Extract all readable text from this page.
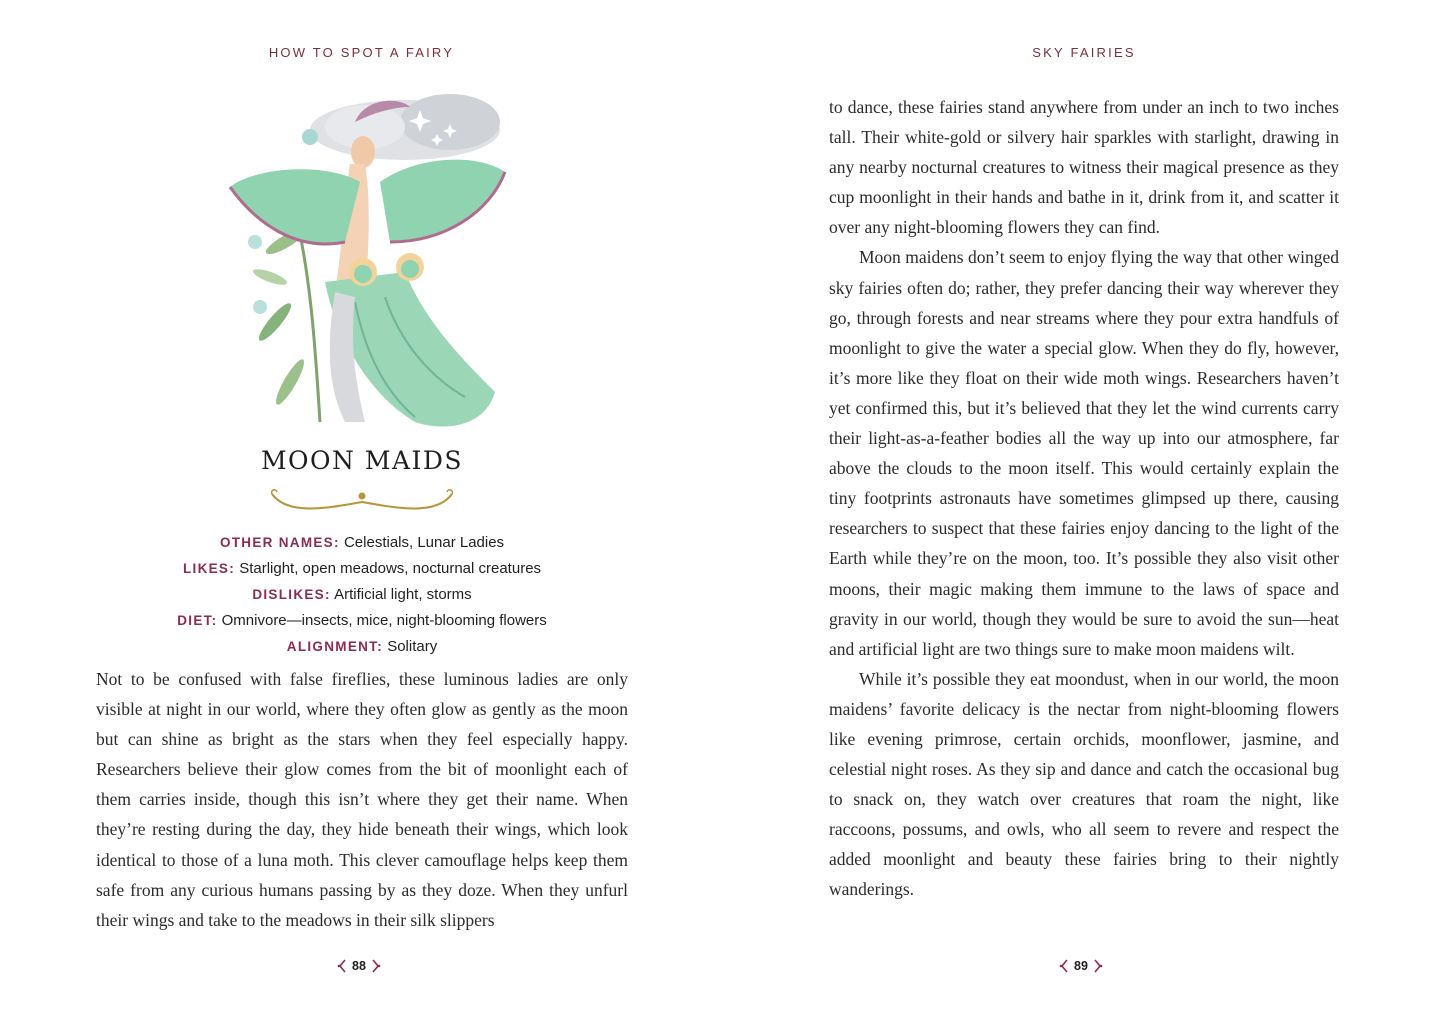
HOW TO SPOT A FAIRY
MOON MAIDS
OTHER NAMES: Celestials, Lunar Ladies
LIKES: Starlight, open meadows, nocturnal creatures
DISLIKES: Artificial light, storms
DIET: Omnivore—insects, mice, night-blooming flowers
ALIGNMENT: Solitary

Not to be confused with false fireflies, these luminous ladies are only visible at night in our world, where they often glow as gently as the moon but can shine as bright as the stars when they feel especially happy. Researchers believe their glow comes from the bit of moonlight each of them carries inside, though this isn’t where they get their name. When they’re resting during the day, they hide beneath their wings, which look identical to those of a luna moth. This clever camouflage helps keep them safe from any curious humans passing by as they doze. When they unfurl their wings and take to the meadows in their silk slippers

88
SKY FAIRIES

to dance, these fairies stand anywhere from under an inch to two inches tall. Their white-gold or silvery hair sparkles with starlight, drawing in any nearby nocturnal creatures to witness their magical presence as they cup moonlight in their hands and bathe in it, drink from it, and scatter it over any night-blooming flowers they can find.

Moon maidens don’t seem to enjoy flying the way that other winged sky fairies often do; rather, they prefer dancing their way wherever they go, through forests and near streams where they pour extra handfuls of moonlight to give the water a special glow. When they do fly, however, it’s more like they float on their wide moth wings. Researchers haven’t yet confirmed this, but it’s believed that they let the wind currents carry their light-as-a-feather bodies all the way up into our atmosphere, far above the clouds to the moon itself. This would certainly explain the tiny footprints astronauts have sometimes glimpsed up there, causing researchers to suspect that these fairies enjoy dancing to the light of the Earth while they’re on the moon, too. It’s possible they also visit other moons, their magic making them immune to the laws of space and gravity in our world, though they would be sure to avoid the sun—heat and artificial light are two things sure to make moon maidens wilt.

While it’s possible they eat moondust, when in our world, the moon maidens’ favorite delicacy is the nectar from night-blooming flowers like evening primrose, certain orchids, moonflower, jasmine, and celestial night roses. As they sip and dance and catch the occasional bug to snack on, they watch over creatures that roam the night, like raccoons, possums, and owls, who all seem to revere and respect the added moonlight and beauty these fairies bring to their nightly wanderings.

89
